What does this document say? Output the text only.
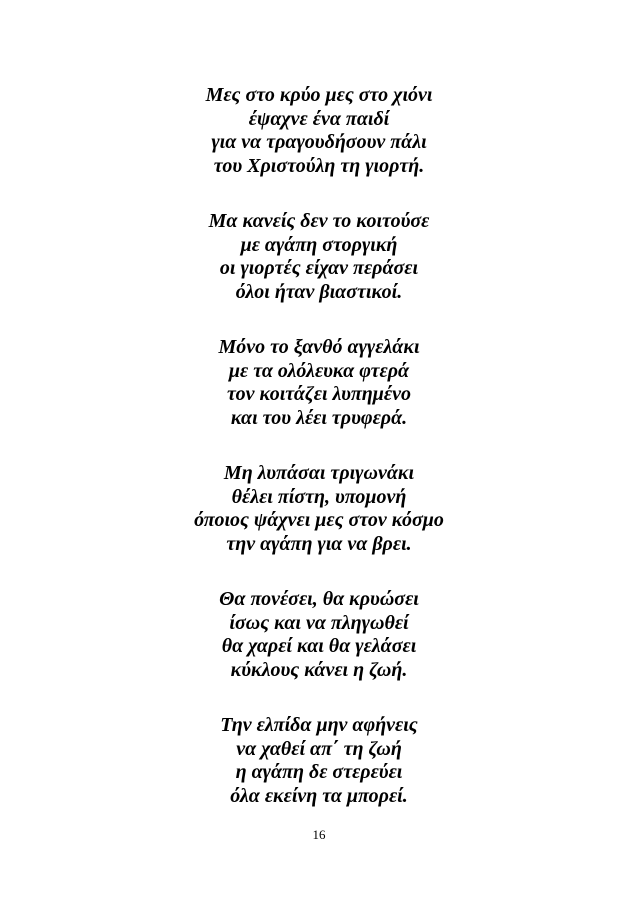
Μες στο κρύο μες στο χιόνι
έψαχνε ένα παιδί
για να τραγουδήσουν πάλι
του Χριστούλη τη γιορτή.
Μα κανείς δεν το κοιτούσε
με αγάπη στοργική
οι γιορτές είχαν περάσει
όλοι ήταν βιαστικοί.
Μόνο το ξανθό αγγελάκι
με τα ολόλευκα φτερά
τον κοιτάζει λυπημένο
και του λέει τρυφερά.
Μη λυπάσαι τριγωνάκι
θέλει πίστη, υπομονή
όποιος ψάχνει μες στον κόσμο
την αγάπη για να βρει.
Θα πονέσει, θα κρυώσει
ίσως και να πληγωθεί
θα χαρεί και θα γελάσει
κύκλους κάνει η ζωή.
Την ελπίδα μην αφήνεις
να χαθεί απ΄ τη ζωή
η αγάπη δε στερεύει
όλα εκείνη τα μπορεί.
16
